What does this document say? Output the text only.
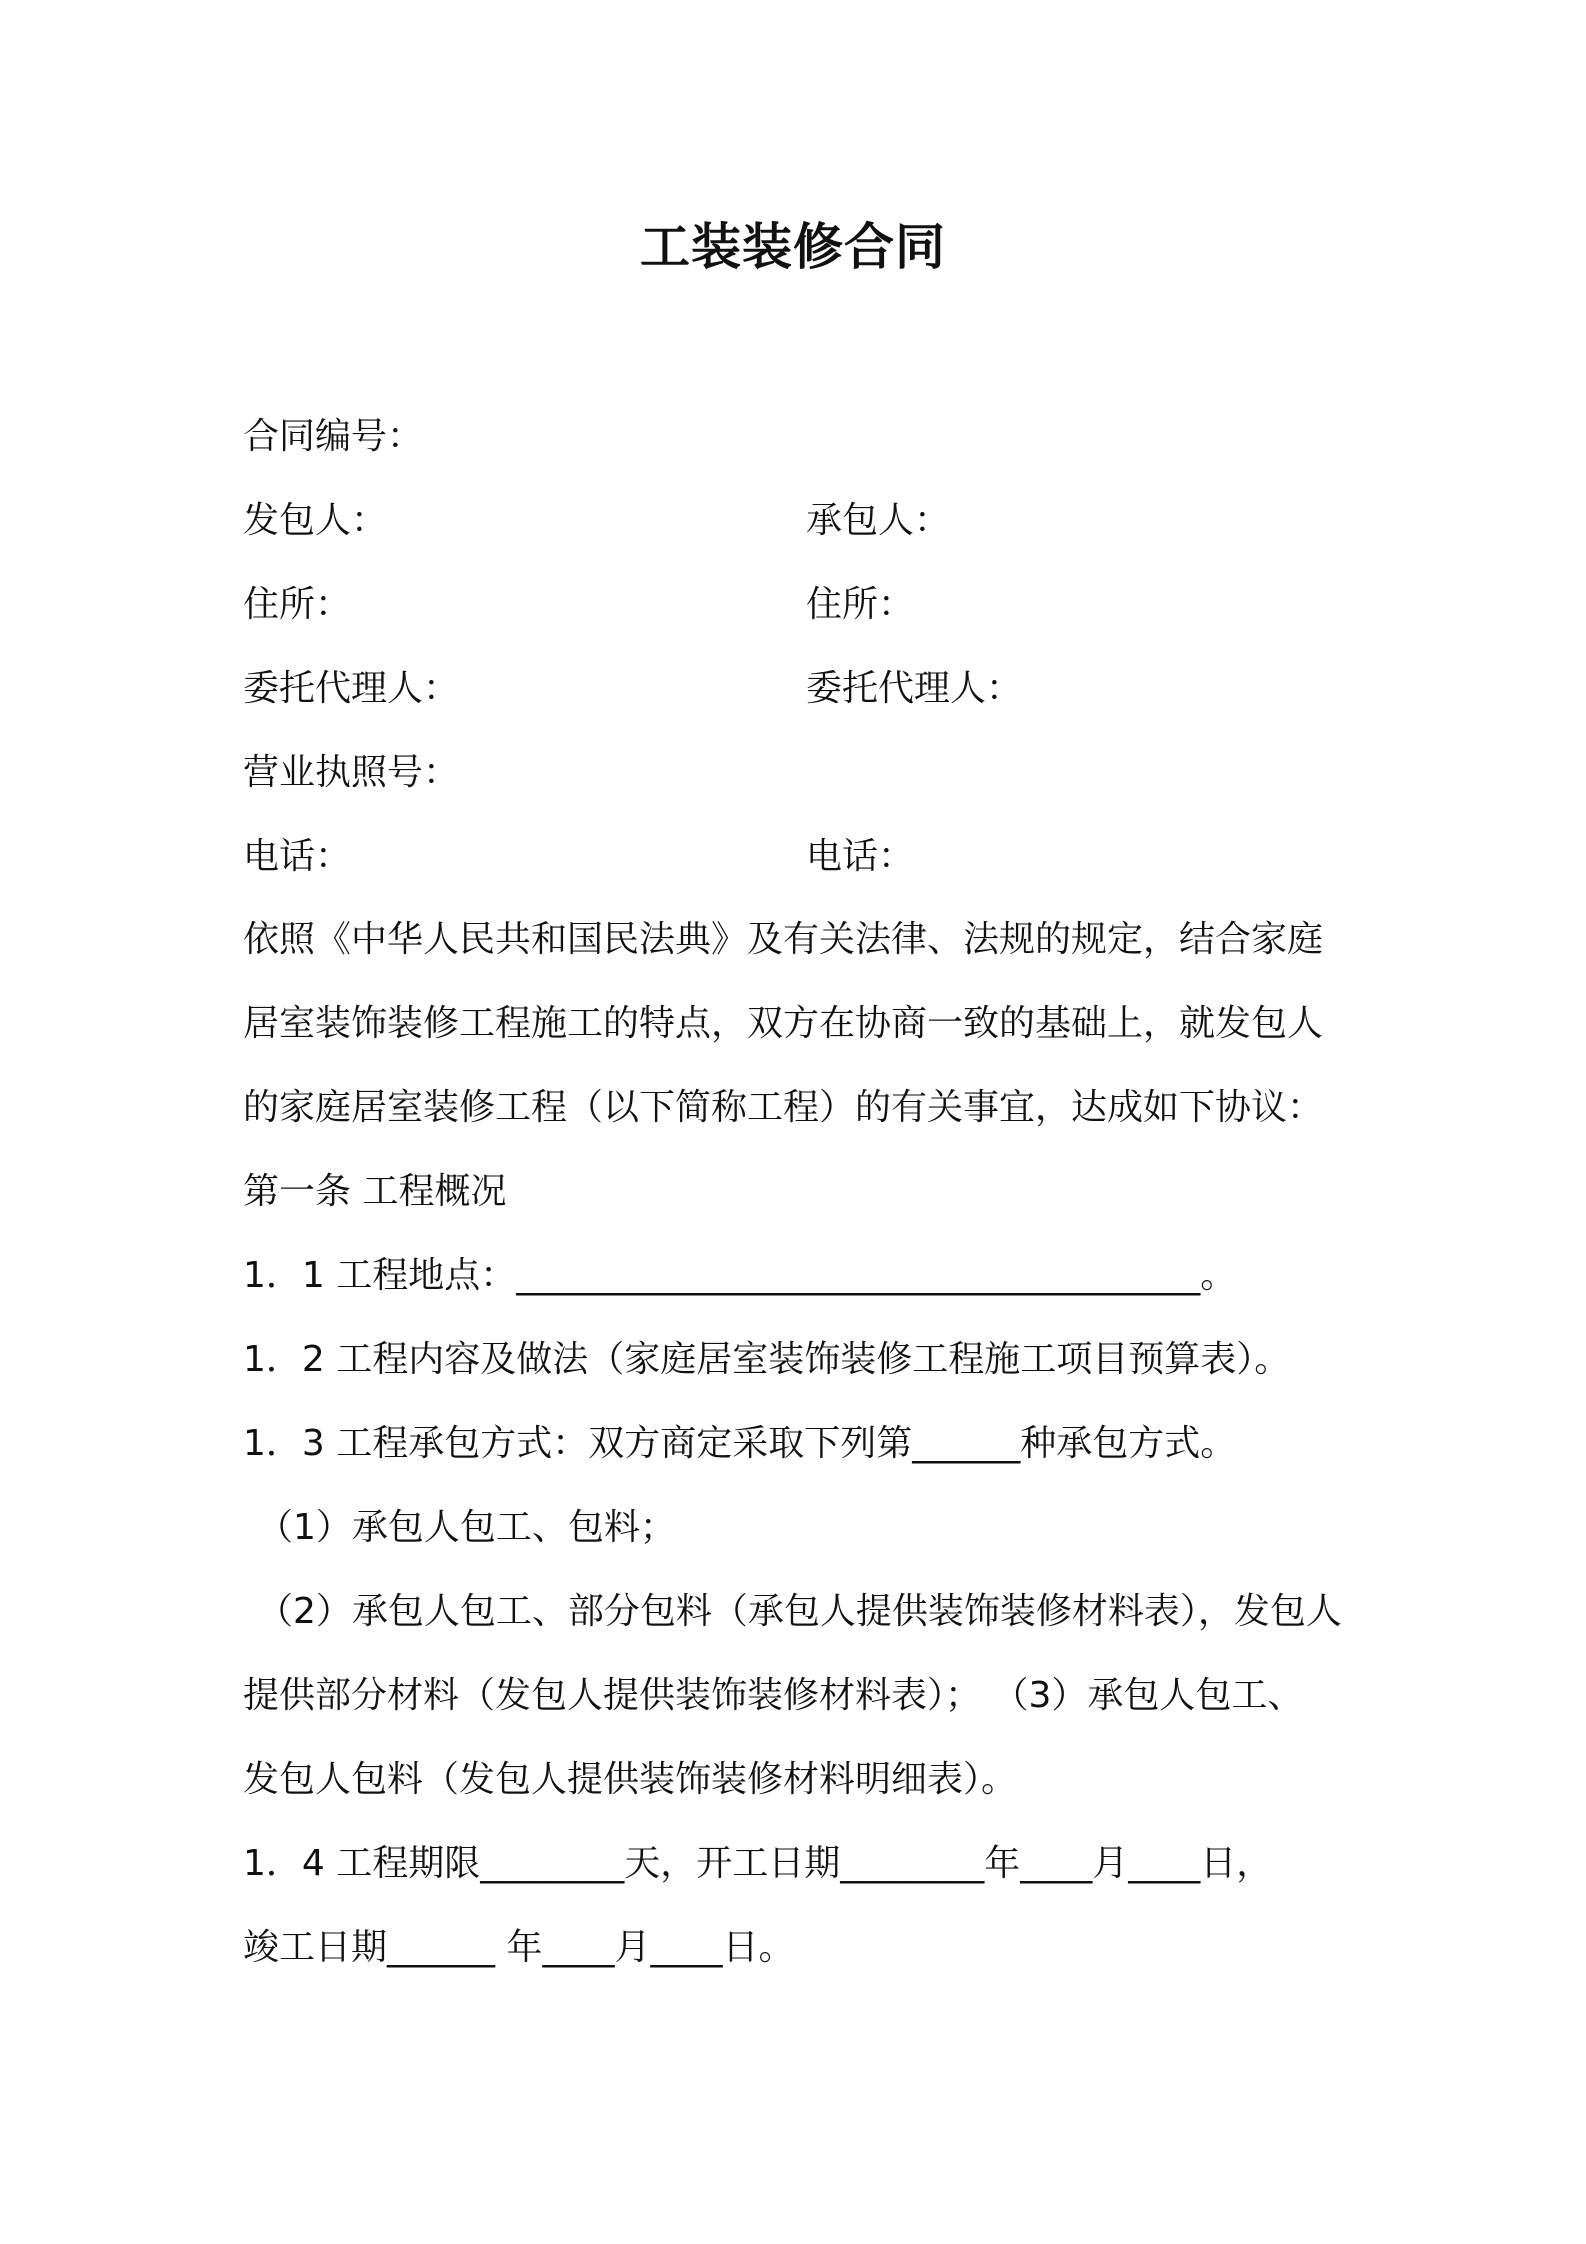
工装装修合同
合同编号：
发包人：	承包人：
住所：	住所：
委托代理人：	委托代理人：
营业执照号：
电话：	电话：
依照《中华人民共和国民法典》及有关法律、法规的规定，结合家庭
居室装饰装修工程施工的特点，双方在协商一致的基础上，就发包人
的家庭居室装修工程（以下简称工程）的有关事宜，达成如下协议：
第一条 工程概况
1．1 工程地点：______________________________________。
1．2 工程内容及做法（家庭居室装饰装修工程施工项目预算表）。
1．3 工程承包方式：双方商定采取下列第______种承包方式。
（1）承包人包工、包料；
（2）承包人包工、部分包料（承包人提供装饰装修材料表），发包人
提供部分材料（发包人提供装饰装修材料表）； （3）承包人包工、
发包人包料（发包人提供装饰装修材料明细表）。
1．4 工程期限________天，开工日期________年____月____日，
竣工日期______ 年____月____日。
